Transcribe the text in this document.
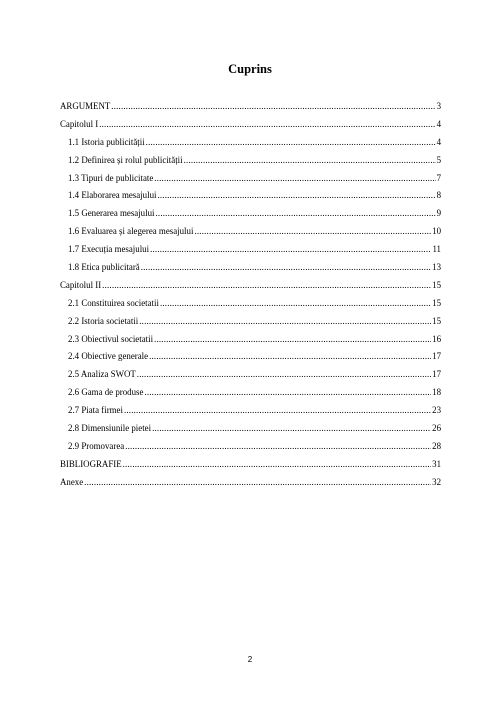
Cuprins
ARGUMENT .....	3
Capitolul I .....	4
1.1 Istoria publicității .....	4
1.2 Definirea și rolul publicității .....	5
1.3 Tipuri de publicitate .....	7
1.4 Elaborarea mesajului .....	8
1.5 Generarea mesajului .....	9
1.6 Evaluarea și alegerea mesajului .....	10
1.7 Execuția mesajului .....	11
1.8 Etica publicitară .....	13
Capitolul II .....	15
2.1 Constituirea societatii .....	15
2.2 Istoria societatii .....	15
2.3 Obiectivul societatii .....	16
2.4 Obiective generale .....	17
2.5 Analiza SWOT .....	17
2.6 Gama de produse .....	18
2.7 Piata firmei .....	23
2.8 Dimensiunile pietei .....	26
2.9 Promovarea .....	28
BIBLIOGRAFIE .....	31
Anexe .....	32
2
